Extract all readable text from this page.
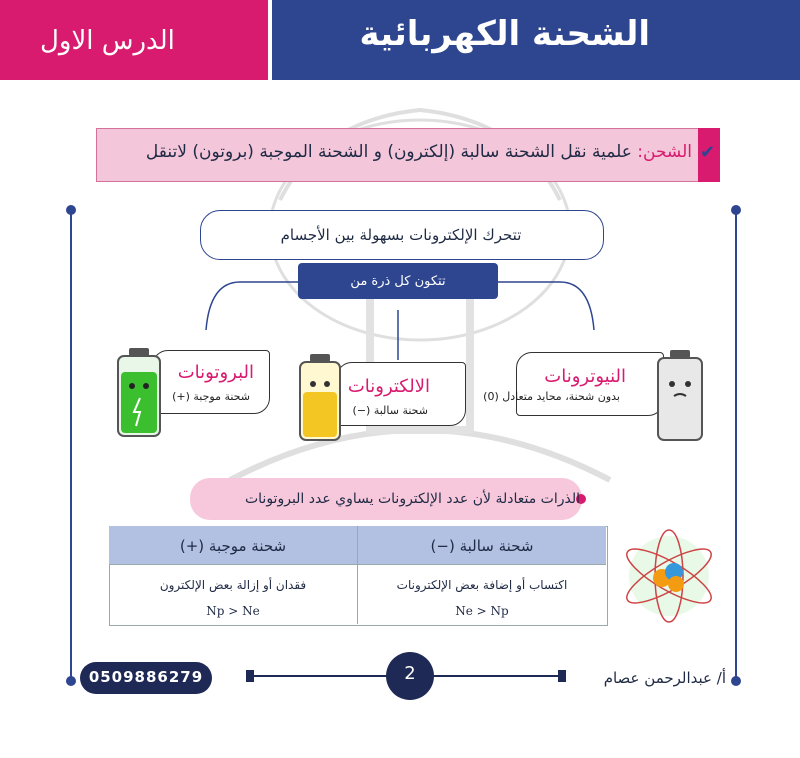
الشحنة الكهربائية
الدرس الاول
✔
الشحن: علمية نقل الشحنة سالبة (إلكترون) و الشحنة الموجبة (بروتون) لاتنقل
تتحرك الإلكترونات بسهولة بين الأجسام
تتكون كل ذرة من
النيوترونات
بدون شحنة، محايد متعادل (0)
الالكترونات
شحنة سالبة (−)
البروتونات
شحنة موجبة (+)
الذرات متعادلة لأن عدد الإلكترونات يساوي عدد البروتونات
شحنة سالبة (−)
شحنة موجبة (+)
اكتساب أو إضافة بعض الإلكترونات
فقدان أو إزالة بعض الإلكترون
Ne > Np
Np > Ne
0509886279	2	أ/ عبدالرحمن عصام
